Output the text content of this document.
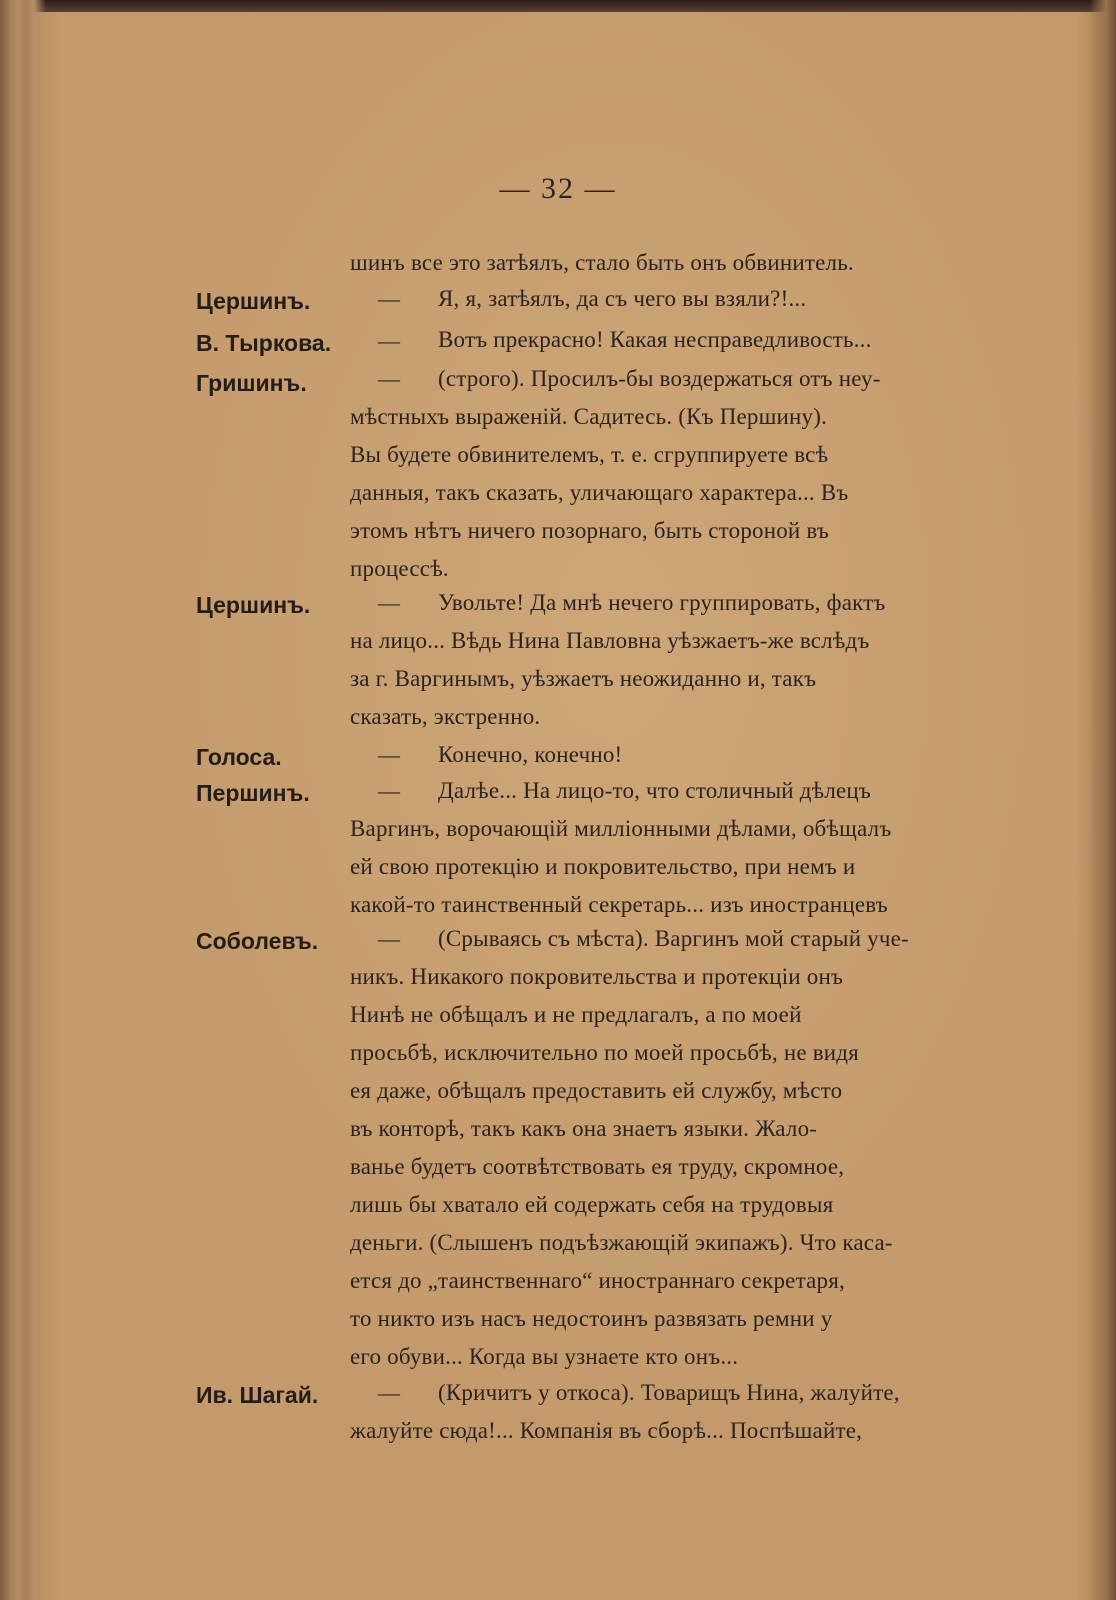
— 32 —
шинъ все это затѣялъ, стало быть онъ обвинитель.
Цершинъ.	— Я, я, затѣялъ, да съ чего вы взяли?!...
В. Тыркова. — Вотъ прекрасно! Какая несправедливость...
Гришинъ.	— (строго). Просилъ-бы воздержаться отъ неу-
мѣстныхъ выраженій. Садитесь. (Къ Першину).
Вы будете обвинителемъ, т. е. сгруппируете всѣ
данныя, такъ сказать, уличающаго характера... Въ
этомъ нѣтъ ничего позорнаго, быть стороной въ
процессѣ.
Цершинъ.	— Увольте! Да мнѣ нечего группировать, фактъ
на лицо... Вѣдь Нина Павловна уѣзжаетъ-же вслѣдъ
за г. Варгинымъ, уѣзжаетъ неожиданно и, такъ
сказать, экстренно.
Голоса.	— Конечно, конечно!
Першинъ.	— Далѣе... На лицо-то, что столичный дѣлецъ
Варгинъ, ворочающій милліонными дѣлами, обѣщалъ
ей свою протекцію и покровительство, при немъ и
какой-то таинственный секретарь... изъ иностранцевъ
Соболевъ.	— (Срываясь съ мѣста). Варгинъ мой старый уче-
никъ. Никакого покровительства и протекціи онъ
Нинѣ не обѣщалъ и не предлагалъ, а по моей
просьбѣ, исключительно по моей просьбѣ, не видя
ея даже, обѣщалъ предоставить ей службу, мѣсто
въ конторѣ, такъ какъ она знаетъ языки. Жало-
ванье будетъ соотвѣтствовать ея труду, скромное,
лишь бы хватало ей содержать себя на трудовыя
деньги. (Слышенъ подъѣзжающій экипажъ). Что каса-
ется до „таинственнаго“ иностраннаго секретаря,
то никто изъ насъ недостоинъ развязать ремни у
его обуви... Когда вы узнаете кто онъ...
Ив. Шагай.	— (Кричитъ у откоса). Товарищъ Нина, жалуйте,
жалуйте сюда!... Компанія въ сборѣ... Поспѣшайте,
